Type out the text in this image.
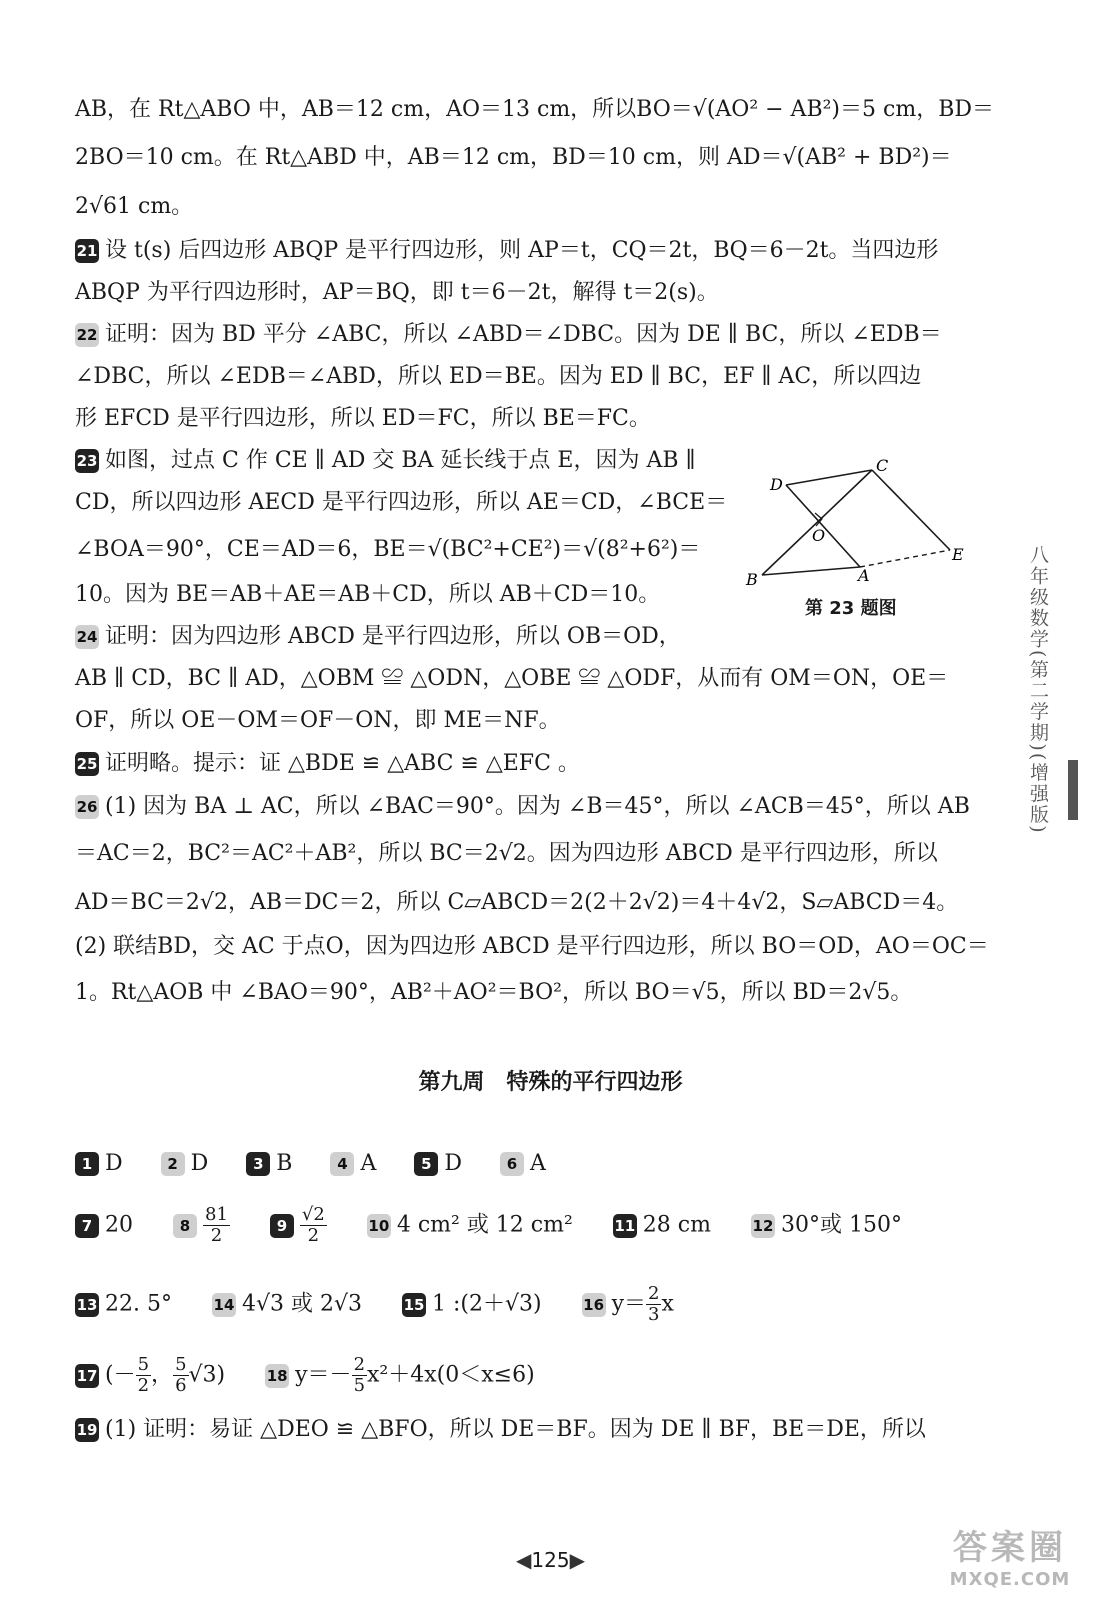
AB，在 Rt△ABO 中，AB＝12 cm，AO＝13 cm，所以BO＝√(AO² − AB²)＝5 cm，BD＝
2BO＝10 cm。在 Rt△ABD 中，AB＝12 cm，BD＝10 cm，则 AD＝√(AB² + BD²)＝
2√61 cm。
21 设 t(s) 后四边形 ABQP 是平行四边形，则 AP＝t，CQ＝2t，BQ＝6－2t。当四边形
ABQP 为平行四边形时，AP＝BQ，即 t＝6－2t，解得 t＝2(s)。
22 证明：因为 BD 平分 ∠ABC，所以 ∠ABD＝∠DBC。因为 DE ∥ BC，所以 ∠EDB＝
∠DBC，所以 ∠EDB＝∠ABD，所以 ED＝BE。因为 ED ∥ BC，EF ∥ AC，所以四边
形 EFCD 是平行四边形，所以 ED＝FC，所以 BE＝FC。
23 如图，过点 C 作 CE ∥ AD 交 BA 延长线于点 E，因为 AB ∥
CD，所以四边形 AECD 是平行四边形，所以 AE＝CD，∠BCE＝
∠BOA＝90°，CE＝AD＝6，BE＝√(BC²+CE²)＝√(8²+6²)＝
10。因为 BE＝AB＋AE＝AB＋CD，所以 AB＋CD＝10。
D
C
O
E
B	A
第 23 题图
24 证明：因为四边形 ABCD 是平行四边形，所以 OB＝OD，
AB ∥ CD，BC ∥ AD，△OBM ≌ △ODN，△OBE ≌ △ODF，从而有 OM＝ON，OE＝
OF，所以 OE－OM＝OF－ON，即 ME＝NF。
25 证明略。提示：证 △BDE ≌ △ABC ≌ △EFC 。
26 (1) 因为 BA ⊥ AC，所以 ∠BAC＝90°。因为 ∠B＝45°，所以 ∠ACB＝45°，所以 AB
＝AC＝2，BC²＝AC²＋AB²，所以 BC＝2√2。因为四边形 ABCD 是平行四边形，所以
AD＝BC＝2√2，AB＝DC＝2，所以 C▱ABCD＝2(2＋2√2)＝4＋4√2，S▱ABCD＝4。
(2) 联结BD，交 AC 于点O，因为四边形 ABCD 是平行四边形，所以 BO＝OD，AO＝OC＝
1。Rt△AOB 中 ∠BAO＝90°，AB²＋AO²＝BO²，所以 BO＝√5，所以 BD＝2√5。
第九周　特殊的平行四边形
1 D	2 D	3 B	4 A	5 D	6 A
7 20	$8 \frac{81}{2}$	$9 \frac{√2}{2}$	10 4 cm² 或 12 cm²	11 28 cm	12 30°或 150°
13 22. 5°	14 4√3 或 2√3	15 1 :(2＋√3)	16 $y= \frac{2}{3}$ x
17 (－ $\frac{5}{2}$ ， $\frac{5}{6} √3$)	18 $y=- \frac{2}{5} x^2+4x(0<x\le 6)$
19 (1) 证明：易证 △DEO ≌ △BFO，所以 DE＝BF。因为 DE ∥ BF，BE＝DE，所以
八年级数学(第二学期)(增强版)
◀125▶	答案圈
MXQE.COM
